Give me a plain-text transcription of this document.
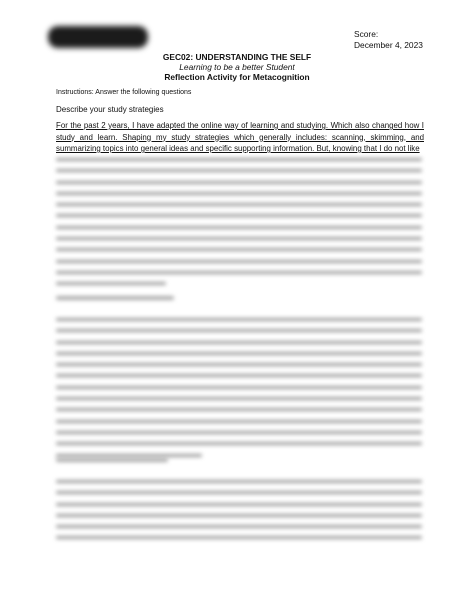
Score:
December 4, 2023
GEC02: UNDERSTANDING THE SELF
Learning to be a better Student
Reflection Activity for Metacognition
Instructions: Answer the following questions
Describe your study strategies

For the past 2 years, I have adapted the online way of learning and studying. Which also changed how I study and learn. Shaping my study strategies which generally includes: scanning, skimming, and summarizing topics into general ideas and specific supporting information. But, knowing that I do not like
